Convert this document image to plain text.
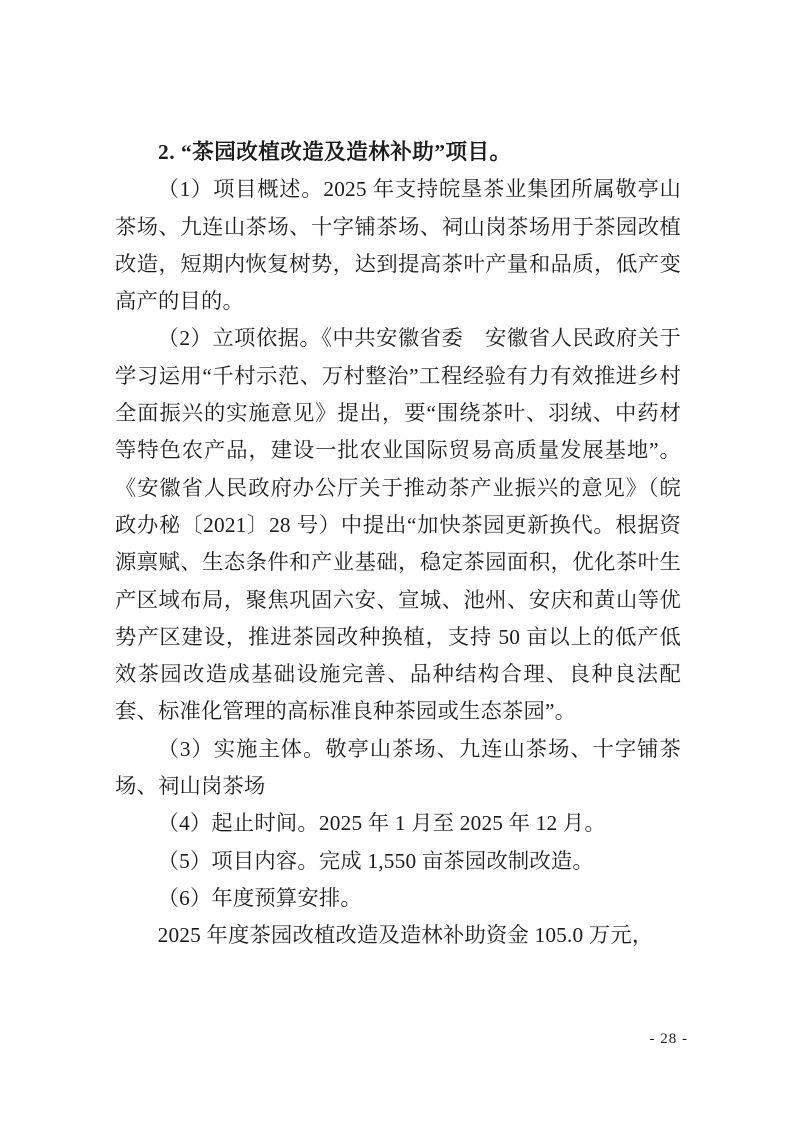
2. “茶园改植改造及造林补助”项目。

（1）项目概述。2025 年支持皖垦茶业集团所属敬亭山茶场、九连山茶场、十字铺茶场、祠山岗茶场用于茶园改植改造，短期内恢复树势，达到提高茶叶产量和品质，低产变高产的目的。

（2）立项依据。《中共安徽省委　安徽省人民政府关于学习运用“千村示范、万村整治”工程经验有力有效推进乡村全面振兴的实施意见》提出，要“围绕茶叶、羽绒、中药材等特色农产品，建设一批农业国际贸易高质量发展基地”。《安徽省人民政府办公厅关于推动茶产业振兴的意见》（皖政办秘〔2021〕28 号）中提出“加快茶园更新换代。根据资源禀赋、生态条件和产业基础，稳定茶园面积，优化茶叶生产区域布局，聚焦巩固六安、宣城、池州、安庆和黄山等优势产区建设，推进茶园改种换植，支持 50 亩以上的低产低效茶园改造成基础设施完善、品种结构合理、良种良法配套、标准化管理的高标准良种茶园或生态茶园”。

（3）实施主体。敬亭山茶场、九连山茶场、十字铺茶场、祠山岗茶场

（4）起止时间。2025 年 1 月至 2025 年 12 月。

（5）项目内容。完成 1,550 亩茶园改制改造。

（6）年度预算安排。

2025 年度茶园改植改造及造林补助资金 105.0 万元，

- 28 -
